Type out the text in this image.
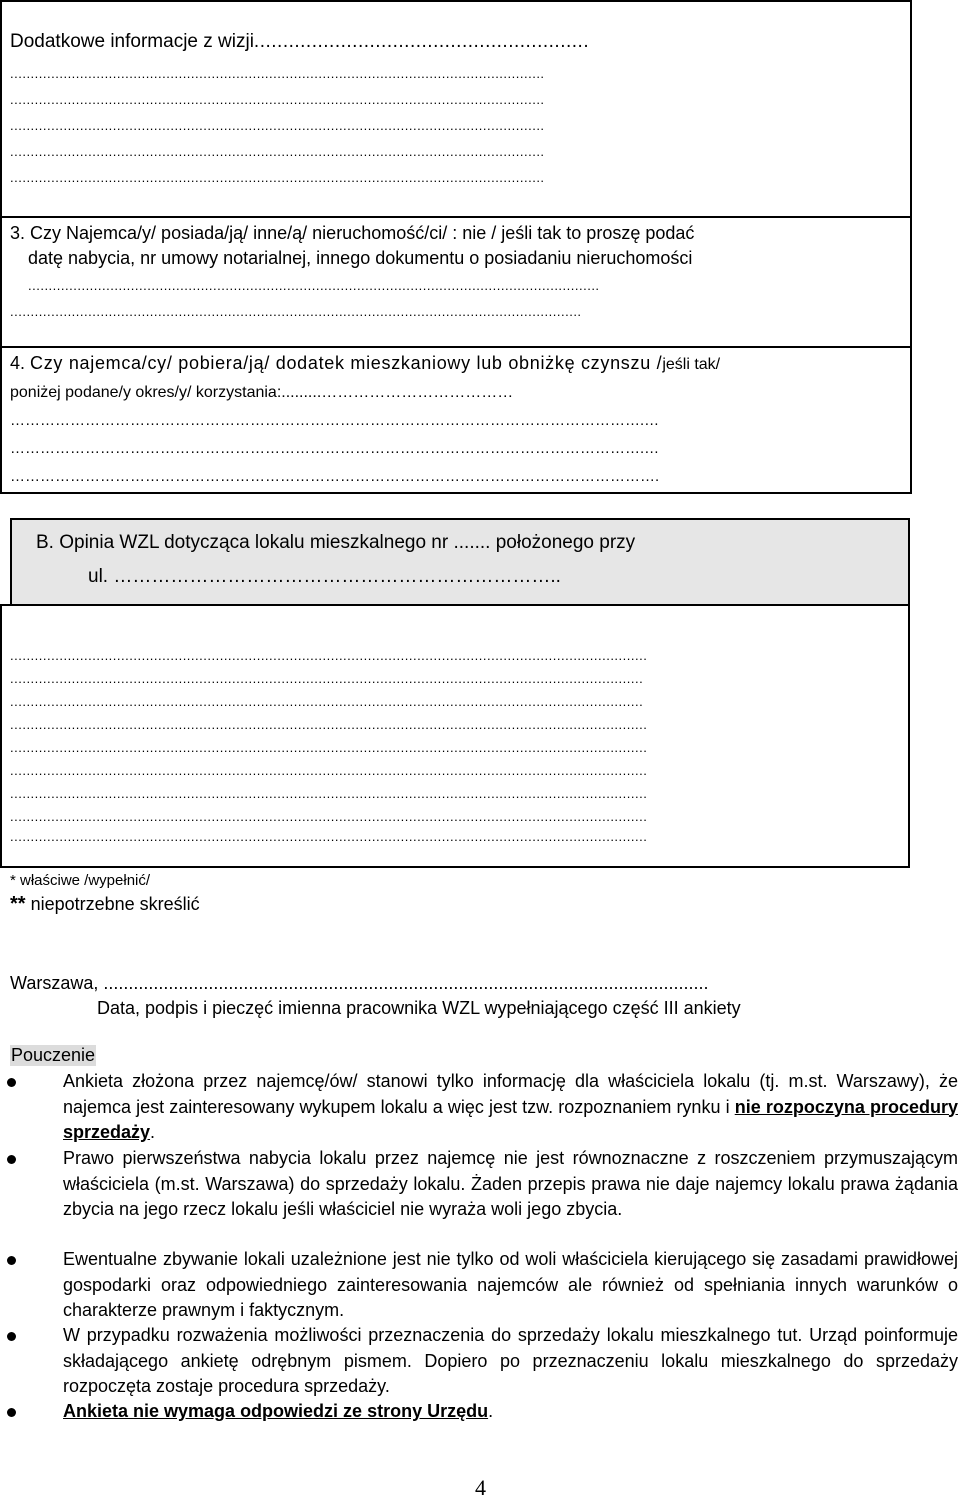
Dodatkowe informacje z wizji..........................................................
..................................................................................................................................
..................................................................................................................................
..................................................................................................................................
..................................................................................................................................
..................................................................................................................................
3. Czy Najemca/y/ posiada/ją/ inne/ą/ nieruchomość/ci/ : nie / jeśli tak to proszę podać
datę nabycia, nr umowy notarialnej, innego dokumentu o posiadaniu nieruchomości
...........................................................................................................................................
...........................................................................................................................................
4. Czy najemca/cy/ pobiera/ją/ dodatek mieszkaniowy lub obniżkę czynszu /jeśli tak/
poniżej podane/y okres/y/ korzystania:.........………………………………
……………………………………………………………………………………………………………….…
……………………………………………………………………………………………………………….…
………………………………………………………………………………………………………………….
B. Opinia WZL dotycząca lokalu mieszkalnego nr ....... położonego przy
ul. ……………………………………………………………..
...........................................................................................................................................................
..........................................................................................................................................................
..........................................................................................................................................................
...........................................................................................................................................................
...........................................................................................................................................................
...........................................................................................................................................................
...........................................................................................................................................................
...........................................................................................................................................................
...........................................................................................................................................................
* właściwe /wypełnić/
** niepotrzebne skreślić
Warszawa, .........................................................................................................................
Data, podpis i pieczęć imienna pracownika WZL wypełniającego część III ankiety
Pouczenie
Ankieta złożona przez najemcę/ów/ stanowi tylko informację dla właściciela lokalu (tj. m.st. Warszawy), że najemca jest zainteresowany wykupem lokalu a więc jest tzw. rozpoznaniem rynku i nie rozpoczyna procedury sprzedaży.
Prawo pierwszeństwa nabycia lokalu przez najemcę nie jest równoznaczne z roszczeniem przymuszającym właściciela (m.st. Warszawa) do sprzedaży lokalu. Żaden przepis prawa nie daje najemcy lokalu prawa żądania zbycia na jego rzecz lokalu jeśli właściciel nie wyraża woli jego zbycia.
Ewentualne zbywanie lokali uzależnione jest nie tylko od woli właściciela kierującego się zasadami prawidłowej gospodarki oraz odpowiedniego zainteresowania najemców ale również od spełniania innych warunków o charakterze prawnym i faktycznym.
W przypadku rozważenia możliwości przeznaczenia do sprzedaży lokalu mieszkalnego tut. Urząd poinformuje składającego ankietę odrębnym pismem. Dopiero po przeznaczeniu lokalu mieszkalnego do sprzedaży rozpoczęta zostaje procedura sprzedaży.
Ankieta nie wymaga odpowiedzi ze strony Urzędu.
4
